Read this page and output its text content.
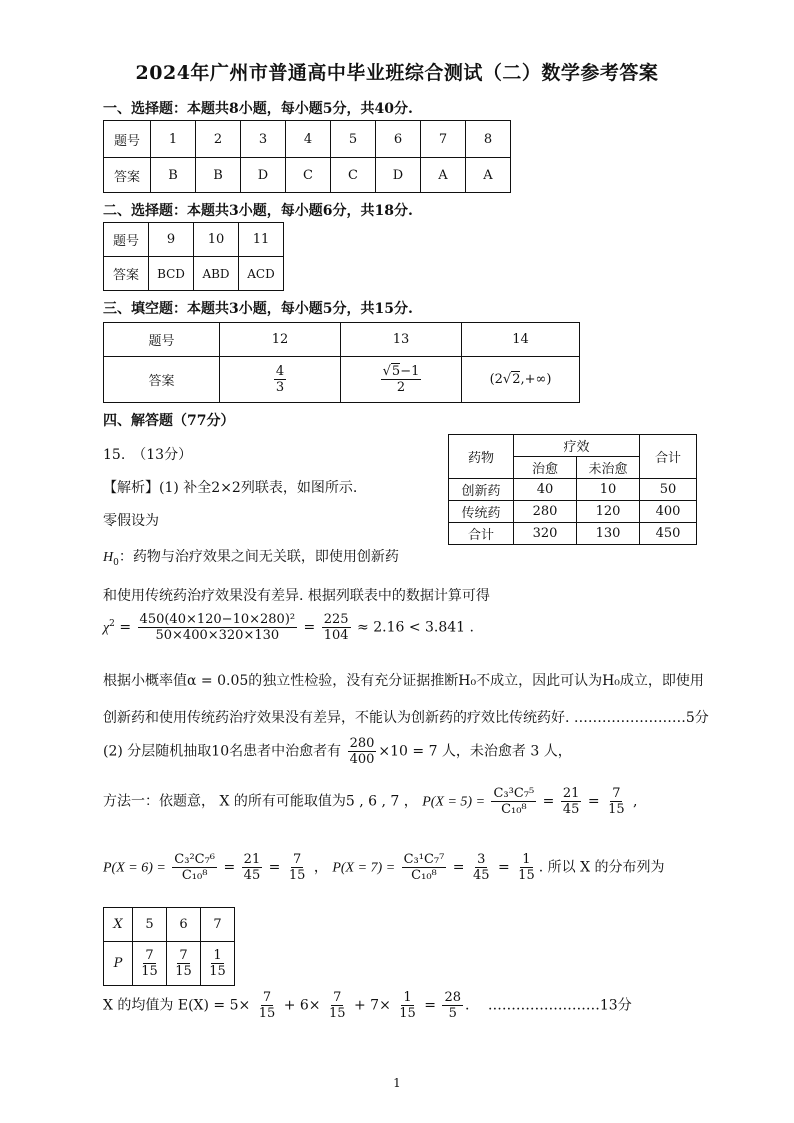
2024年广州市普通高中毕业班综合测试（二）数学参考答案
一、选择题：本题共8小题，每小题5分，共40分.
题号	1	2	3	4	5	6	7	8
答案	B	B	D	C	C	D	A	A
二、选择题：本题共3小题，每小题6分，共18分.
题号	9	10	11
答案	BCD	ABD	ACD
三、填空题：本题共3小题，每小题5分，共15分.
题号	12	13	14
答案	$\frac{4}{3}$	$\frac{√5-1}{2}$	(2√2,+∞)
四、解答题（77分）
15.　（13分）
【解析】(1) 补全2×2列联表，如图所示.
零假设为
$H_0$：药物与治疗效果之间无关联，即使用创新药
药物	疗效		合计
	治愈	未治愈	
创新药	40	10	50
传统药	280	120	400
合计	320	130	450
和使用传统药治疗效果没有差异. 根据列联表中的数据计算可得
$\chi^2 = \frac{\text{450(40×120−10×280)²}}{50\times 400\times 320\times 130} = \frac{225}{104} \approx 2.16 < 3.841$ .
根据小概率值α = 0.05的独立性检验，没有充分证据推断H₀不成立，因此可认为H₀成立，即使用
创新药和使用传统药治疗效果没有差异，不能认为创新药的疗效比传统药好. ……………………5分
(2) 分层随机抽取10名患者中治愈者有 $\frac{280}{400} \times 10 = 7$ 人，未治愈者 3 人，
方法一：依题意， X 的所有可能取值为5 , 6 , 7 ， $P(X = 5) = \frac{\text{C₃³C₇⁵}}{\text{C₁₀⁸}} = \frac{21}{45} = \frac{7}{15}$ ,
$P(X = 6) = \frac{\text{C₃²C₇⁶}}{\text{C₁₀⁸}} = \frac{21}{45} = \frac{7}{15}$ ， $P(X = 7) = \frac{\text{C₃¹C₇⁷}}{\text{C₁₀⁸}} = \frac{3}{45} = \frac{1}{15}$ . 所以 X 的分布列为
X	5	6	7
P	$\frac{7}{15}$	$\frac{7}{15}$	$\frac{1}{15}$
X 的均值为 $E(X) = 5\times \frac{7}{15} + 6\times \frac{7}{15} + 7\times \frac{1}{15} = \frac{28}{5}$ .　 ……………………13分
1
